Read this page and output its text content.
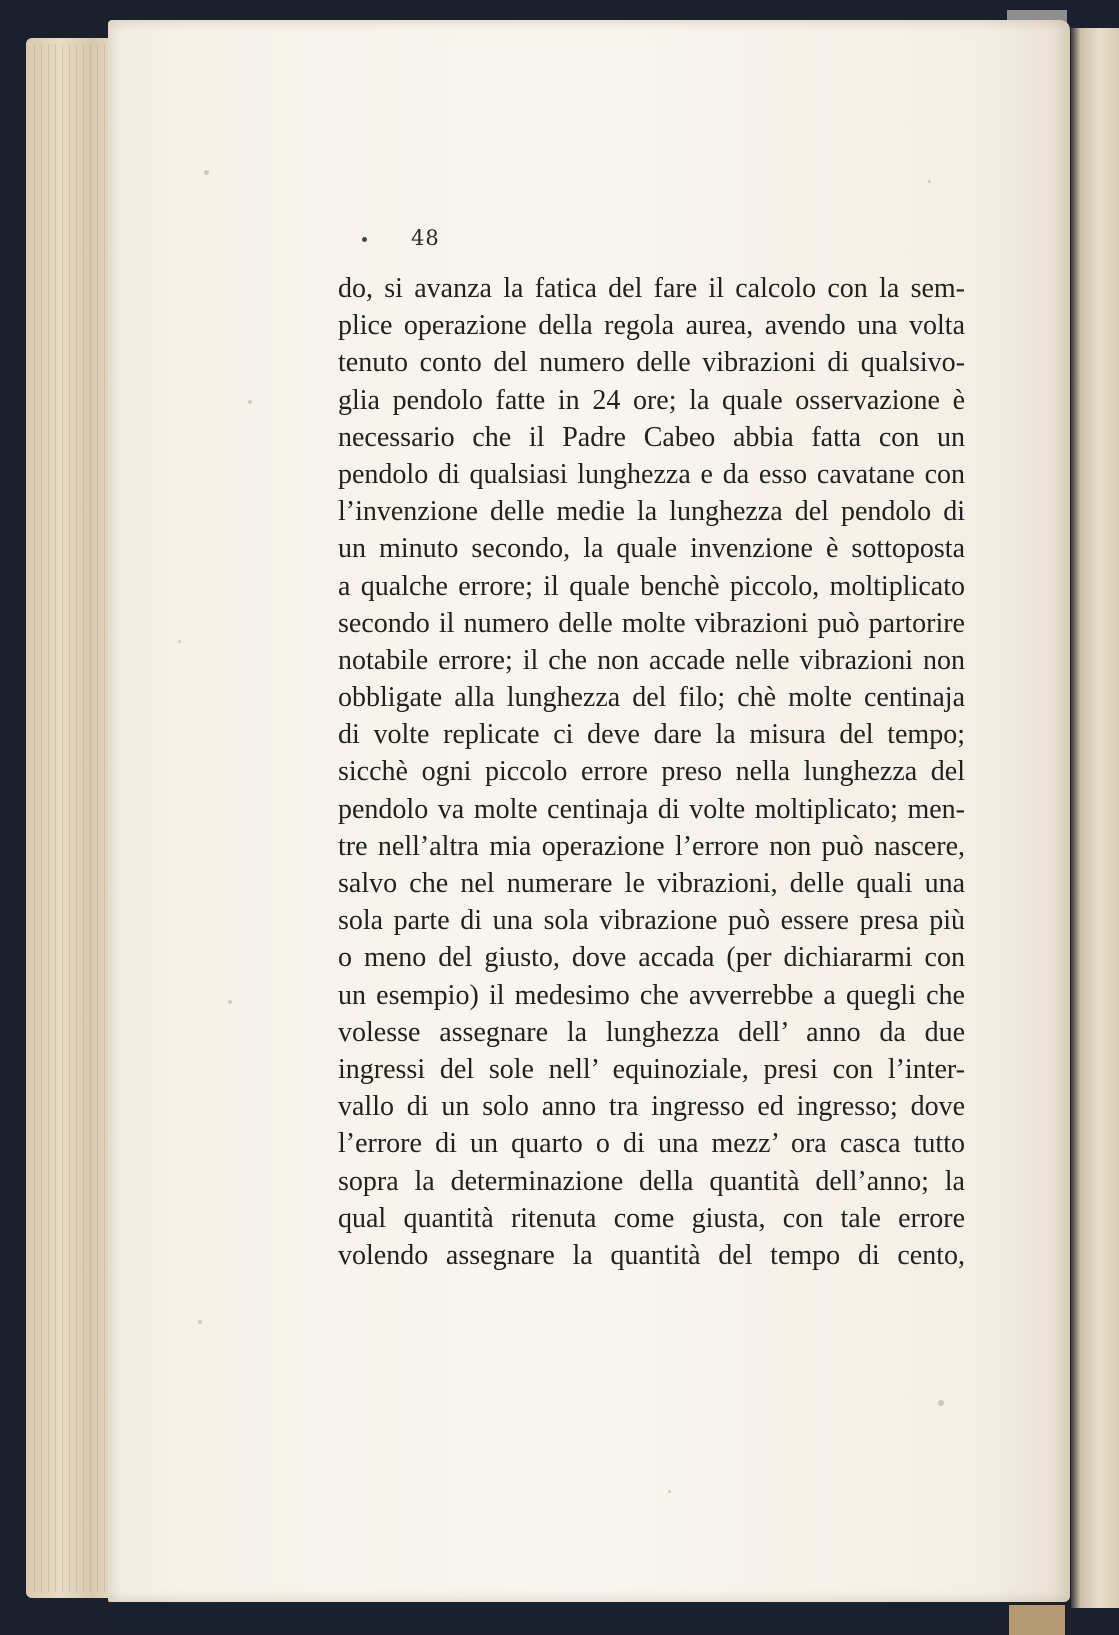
48
do, si avanza la fatica del fare il calcolo con la sem-
plice operazione della regola aurea, avendo una volta
tenuto conto del numero delle vibrazioni di qualsivo-
glia pendolo fatte in 24 ore; la quale osservazione è
necessario che il Padre Cabeo abbia fatta con un
pendolo di qualsiasi lunghezza e da esso cavatane con
l’invenzione delle medie la lunghezza del pendolo di
un minuto secondo, la quale invenzione è sottoposta
a qualche errore; il quale benchè piccolo, moltiplicato
secondo il numero delle molte vibrazioni può partorire
notabile errore; il che non accade nelle vibrazioni non
obbligate alla lunghezza del filo; chè molte centinaja
di volte replicate ci deve dare la misura del tempo;
sicchè ogni piccolo errore preso nella lunghezza del
pendolo va molte centinaja di volte moltiplicato; men-
tre nell’altra mia operazione l’errore non può nascere,
salvo che nel numerare le vibrazioni, delle quali una
sola parte di una sola vibrazione può essere presa più
o meno del giusto, dove accada (per dichiararmi con
un esempio) il medesimo che avverrebbe a quegli che
volesse assegnare la lunghezza dell’ anno da due
ingressi del sole nell’ equinoziale, presi con l’inter-
vallo di un solo anno tra ingresso ed ingresso; dove
l’errore di un quarto o di una mezz’ ora casca tutto
sopra la determinazione della quantità dell’anno; la
qual quantità ritenuta come giusta, con tale errore
volendo assegnare la quantità del tempo di cento,
